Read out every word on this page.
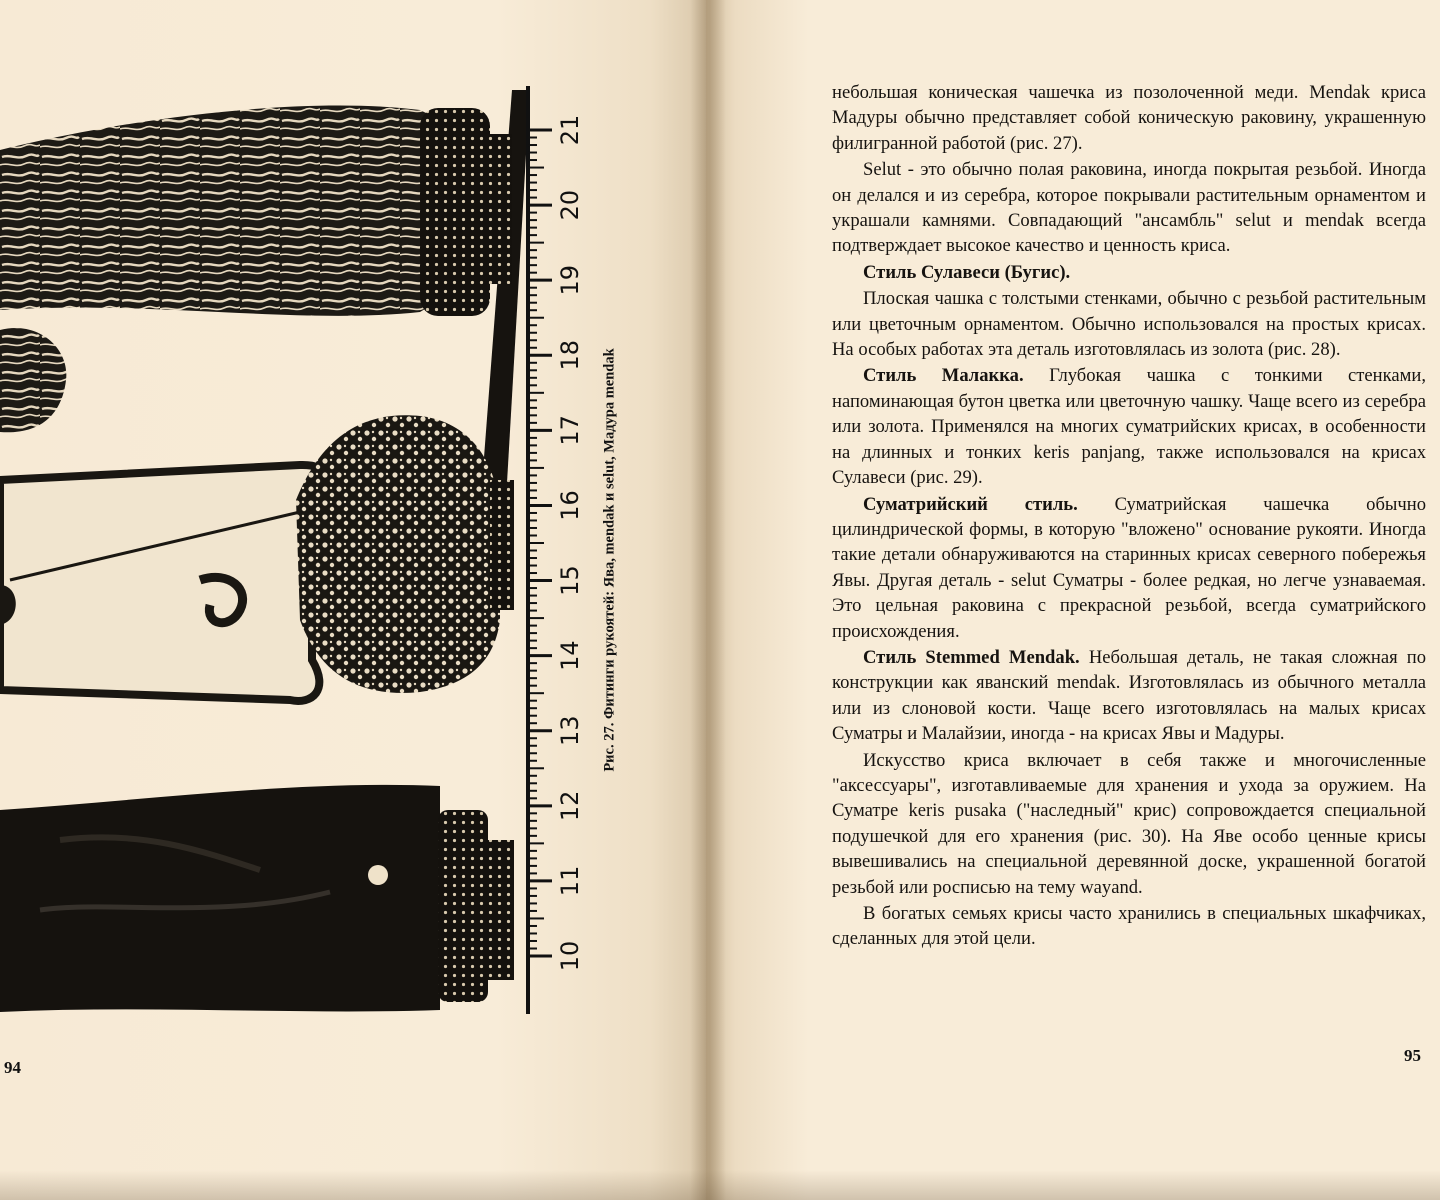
10
11
12
13
14
15
16
17
18
19
20
21
Рис. 27. Фитинги рукоятей: Ява, mendak и selut, Мадура mendak
94

небольшая коническая чашечка из позолоченной меди. Mendak криса Мадуры обычно представляет собой коническую раковину, украшенную филигранной работой (рис. 27).

Selut - это обычно полая раковина, иногда покрытая резьбой. Иногда он делался и из серебра, которое покрывали растительным орнаментом и украшали камнями. Совпадающий "ансамбль" selut и mendak всегда подтверждает высокое качество и ценность криса.

Стиль Сулавеси (Бугис).

Плоская чашка с толстыми стенками, обычно с резьбой растительным или цветочным орнаментом. Обычно использовался на простых крисах. На особых работах эта деталь изготовлялась из золота (рис. 28).

Стиль Малакка. Глубокая чашка с тонкими стенками, напоминающая бутон цветка или цветочную чашку. Чаще всего из серебра или золота. Применялся на многих суматрийских крисах, в особенности на длинных и тонких keris panjang, также использовался на крисах Сулавеси (рис. 29).

Суматрийский стиль. Суматрийская чашечка обычно цилиндрической формы, в которую "вложено" основание рукояти. Иногда такие детали обнаруживаются на старинных крисах северного побережья Явы. Другая деталь - selut Суматры - более редкая, но легче узнаваемая. Это цельная раковина с прекрасной резьбой, всегда суматрийского происхождения.

Стиль Stemmed Mendak. Небольшая деталь, не такая сложная по конструкции как яванский mendak. Изготовлялась из обычного металла или из слоновой кости. Чаще всего изготовлялась на малых крисах Суматры и Малайзии, иногда - на крисах Явы и Мадуры.

Искусство криса включает в себя также и многочисленные "аксессуары", изготавливаемые для хранения и ухода за оружием. На Суматре keris pusaka ("наследный" крис) сопровождается специальной подушечкой для его хранения (рис. 30). На Яве особо ценные крисы вывешивались на специальной деревянной доске, украшенной богатой резьбой или росписью на тему wayand.

В богатых семьях крисы часто хранились в специальных шкафчиках, сделанных для этой цели.

95
